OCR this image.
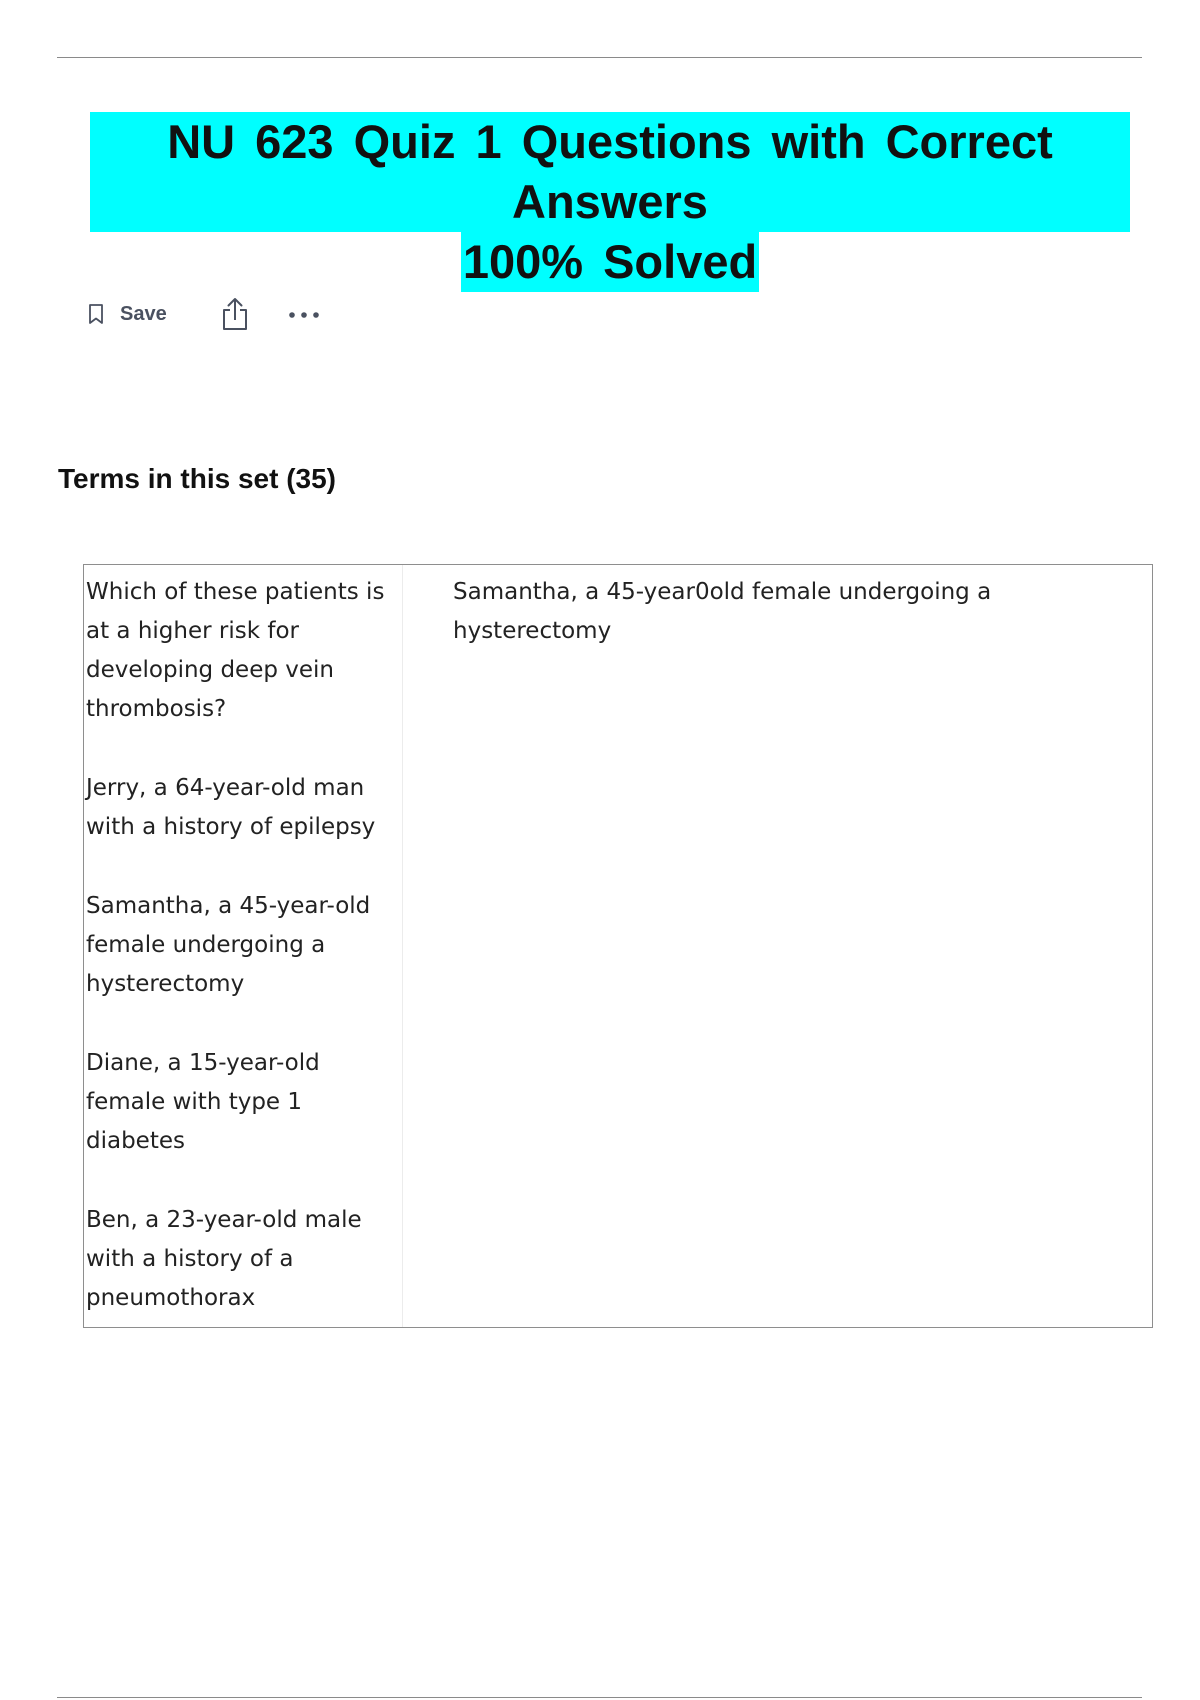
NU 623 Quiz 1 Questions with Correct Answers
100% Solved
Save
Terms in this set (35)

Which of these patients is at a higher risk for developing deep vein thrombosis?

Jerry, a 64-year-old man with a history of epilepsy

Samantha, a 45-year-old female undergoing a hysterectomy

Diane, a 15-year-old female with type 1 diabetes

Ben, a 23-year-old male with a history of a pneumothorax

Samantha, a 45-year0old female undergoing a hysterectomy
